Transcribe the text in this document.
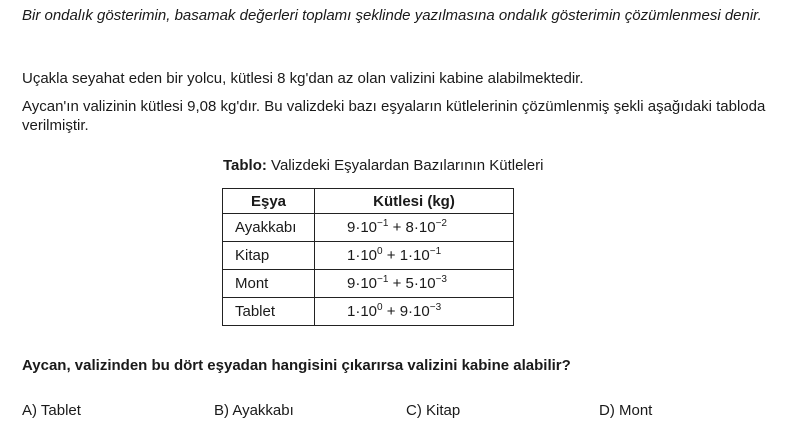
Bir ondalık gösterimin, basamak değerleri toplamı şeklinde yazılmasına ondalık gösterimin çözümlenmesi denir.

Uçakla seyahat eden bir yolcu, kütlesi 8 kg'dan az olan valizini kabine alabilmektedir.

Aycan'ın valizinin kütlesi 9,08 kg'dır. Bu valizdeki bazı eşyaların kütlelerinin çözümlenmiş şekli aşağıdaki tabloda verilmiştir.

Tablo: Valizdeki Eşyalardan Bazılarının Kütleleri
Eşya	Kütlesi (kg)
Ayakkabı	$9\cdot 10^{-1} + 8\cdot 10^{-2}$
Kitap	$1\cdot 10^0 + 1\cdot 10^{-1}$
Mont	$9\cdot 10^{-1} + 5\cdot 10^{-3}$
Tablet	$1\cdot 10^0 + 9\cdot 10^{-3}$
Aycan, valizinden bu dört eşyadan hangisini çıkarırsa valizini kabine alabilir?
A) Tablet	B) Ayakkabı	C) Kitap	D) Mont
